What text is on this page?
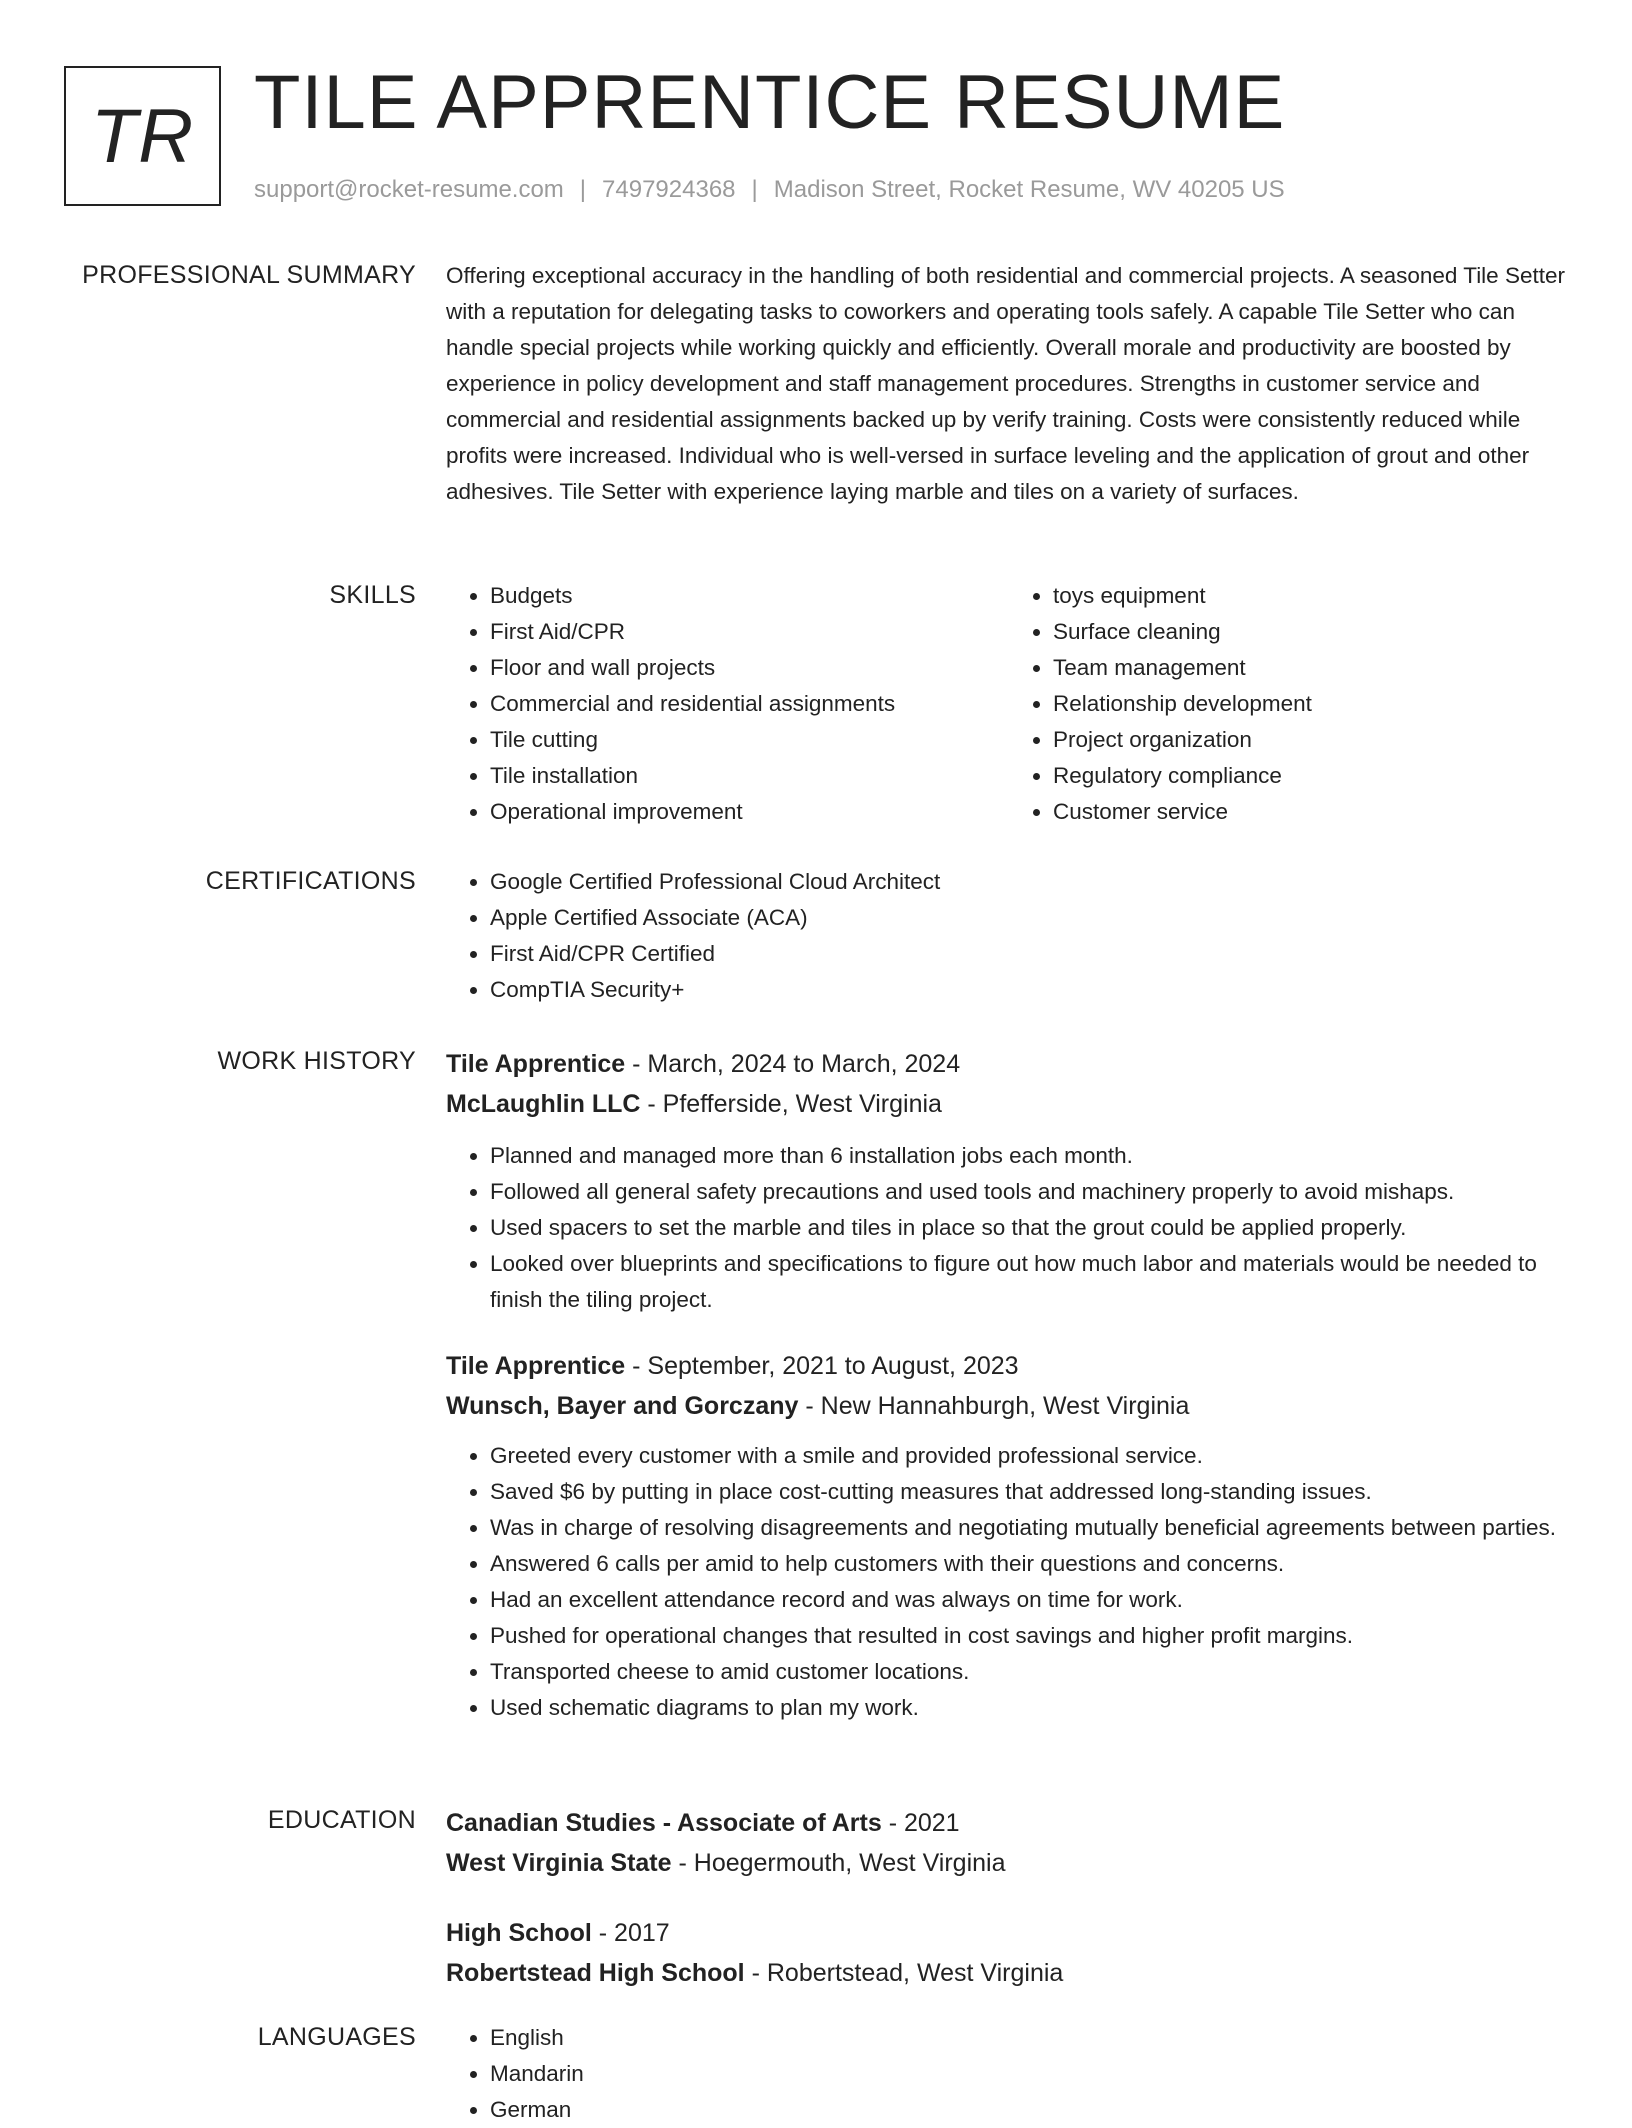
TR TILE APPRENTICE RESUME
support@rocket-resume.com | 7497924368 | Madison Street, Rocket Resume, WV 40205 US
PROFESSIONAL SUMMARY Offering exceptional accuracy in the handling of both residential and commercial projects. A seasoned Tile Setter with a reputation for delegating tasks to coworkers and operating tools safely. A capable Tile Setter who can handle special projects while working quickly and efficiently. Overall morale and productivity are boosted by experience in policy development and staff management procedures. Strengths in customer service and commercial and residential assignments backed up by verify training. Costs were consistently reduced while profits were increased. Individual who is well-versed in surface leveling and the application of grout and other adhesives. Tile Setter with experience laying marble and tiles on a variety of surfaces.
SKILLS	• Budgets
• First Aid/CPR
• Floor and wall projects
• Commercial and residential assignments
• Tile cutting
• Tile installation
• Operational improvement
• toys equipment
• Surface cleaning
• Team management
• Relationship development
• Project organization
• Regulatory compliance
• Customer service
CERTIFICATIONS	• Google Certified Professional Cloud Architect
• Apple Certified Associate (ACA)
• First Aid/CPR Certified
• CompTIA Security+
WORK HISTORY Tile Apprentice - March, 2024 to March, 2024
McLaughlin LLC - Pfefferside, West Virginia
• Planned and managed more than 6 installation jobs each month.
• Followed all general safety precautions and used tools and machinery properly to avoid mishaps.
• Used spacers to set the marble and tiles in place so that the grout could be applied properly.
• Looked over blueprints and specifications to figure out how much labor and materials would be needed to finish the tiling project.
Tile Apprentice - September, 2021 to August, 2023
Wunsch, Bayer and Gorczany - New Hannahburgh, West Virginia
• Greeted every customer with a smile and provided professional service.
• Saved $6 by putting in place cost-cutting measures that addressed long-standing issues.
• Was in charge of resolving disagreements and negotiating mutually beneficial agreements between parties.
• Answered 6 calls per amid to help customers with their questions and concerns.
• Had an excellent attendance record and was always on time for work.
• Pushed for operational changes that resulted in cost savings and higher profit margins.
• Transported cheese to amid customer locations.
• Used schematic diagrams to plan my work.
EDUCATION Canadian Studies - Associate of Arts - 2021
West Virginia State - Hoegermouth, West Virginia
High School - 2017
Robertstead High School - Robertstead, West Virginia
LANGUAGES	• English
• Mandarin
• German
